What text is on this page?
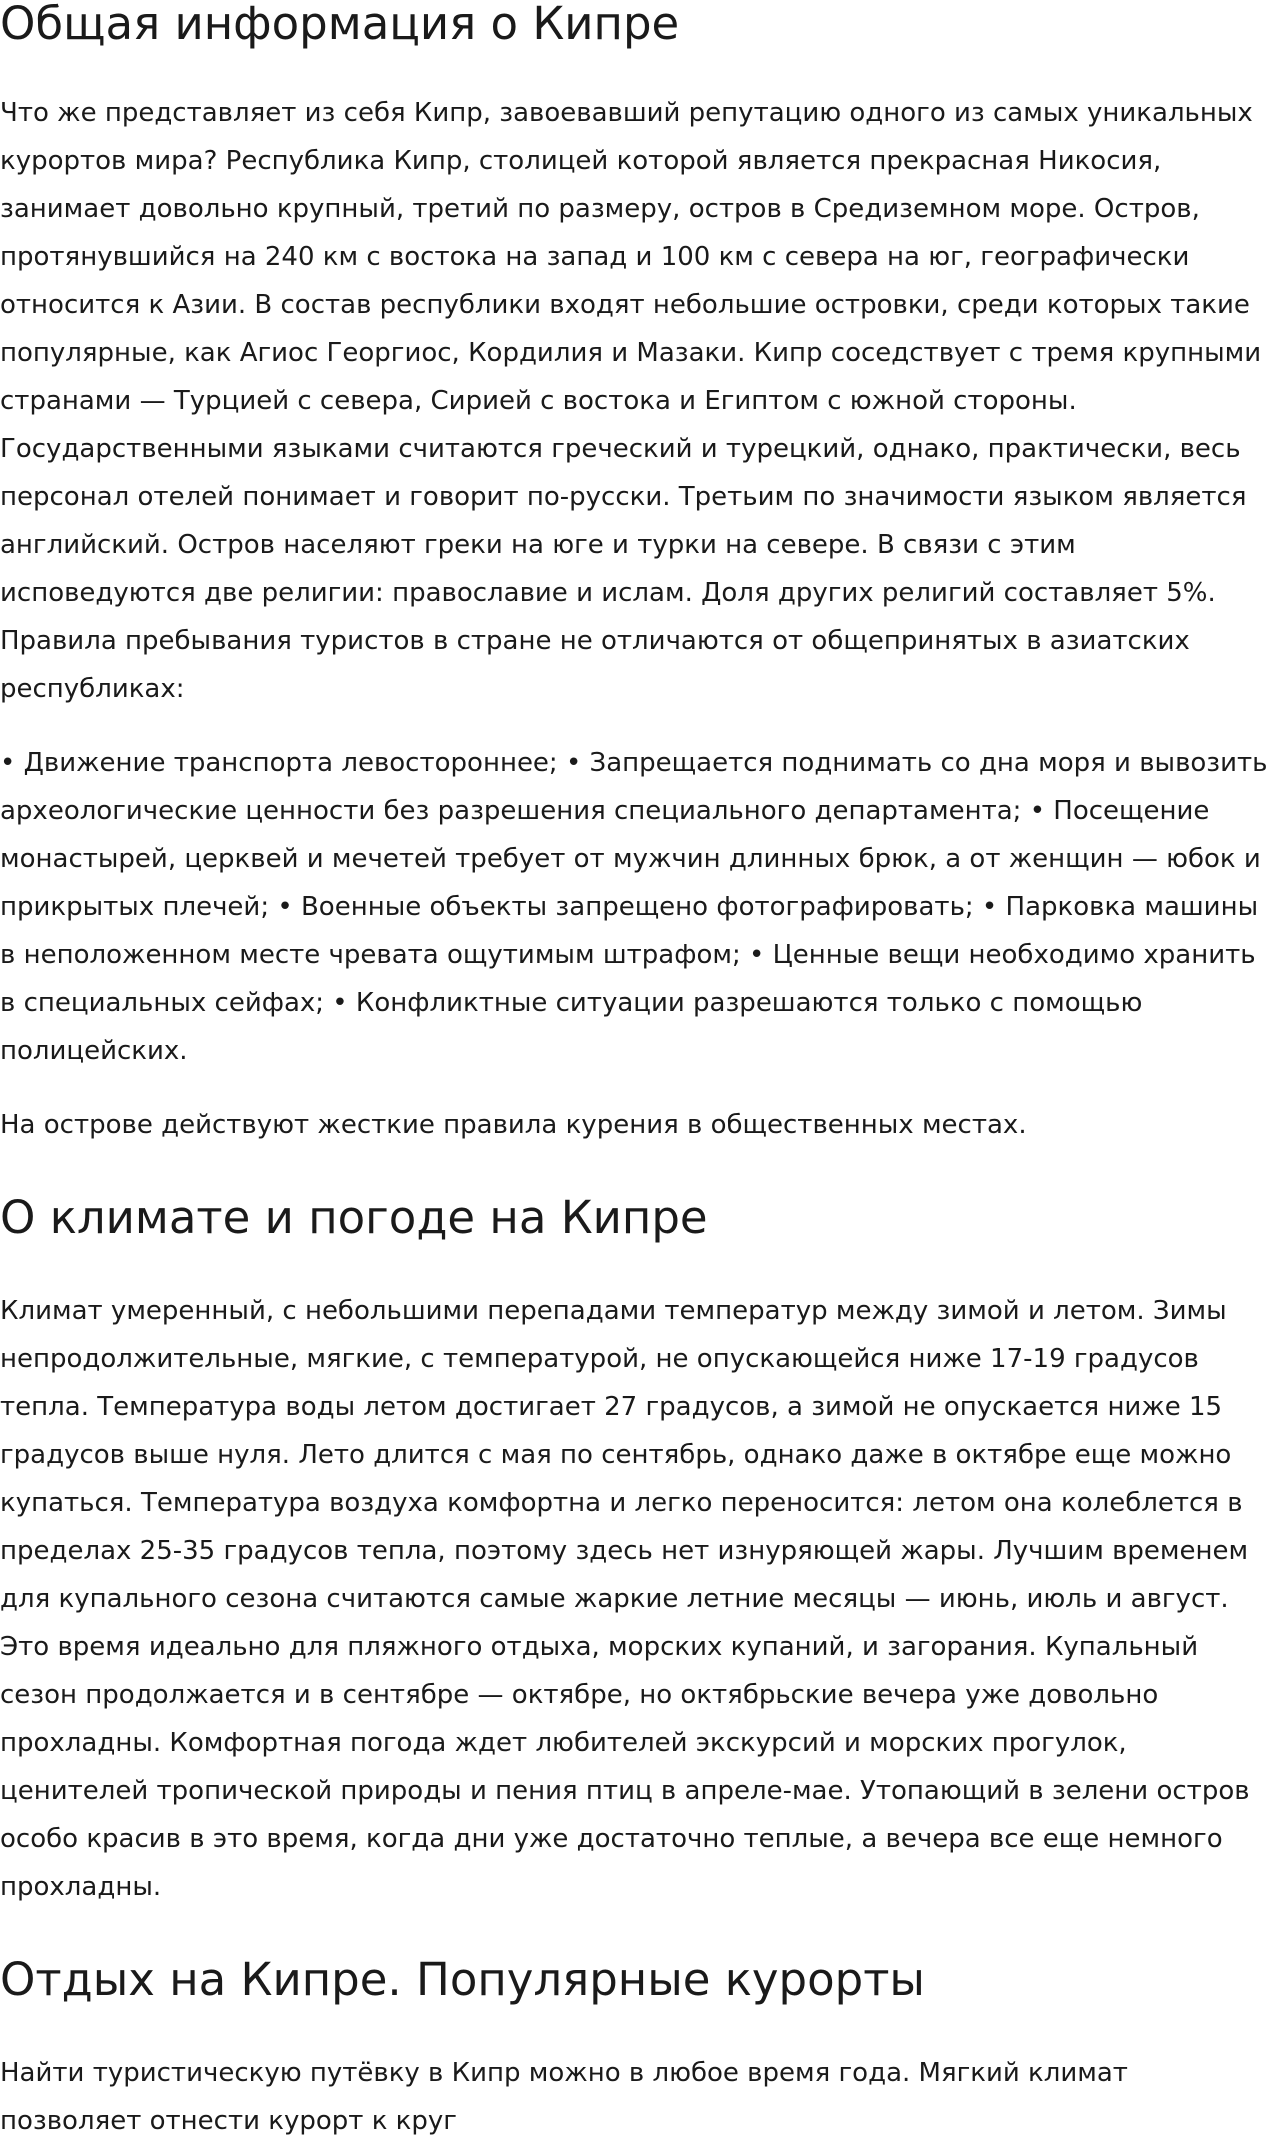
Общая информация о Кипре

Что же представляет из себя Кипр, завоевавший репутацию одного из самых уникальных курортов мира? Республика Кипр, столицей которой является прекрасная Никосия, занимает довольно крупный, третий по размеру, остров в Средиземном море. Остров, протянувшийся на 240 км с востока на запад и 100 км с севера на юг, географически относится к Азии. В состав республики входят небольшие островки, среди которых такие популярные, как Агиос Георгиос, Кордилия и Мазаки. Кипр соседствует с тремя крупными странами — Турцией с севера, Сирией с востока и Египтом с южной стороны. Государственными языками считаются греческий и турецкий, однако, практически, весь персонал отелей понимает и говорит по-русски. Третьим по значимости языком является английский. Остров населяют греки на юге и турки на севере. В связи с этим исповедуются две религии: православие и ислам. Доля других религий составляет 5%. Правила пребывания туристов в стране не отличаются от общепринятых в азиатских республиках:

• Движение транспорта левостороннее; • Запрещается поднимать со дна моря и вывозить археологические ценности без разрешения специального департамента; • Посещение монастырей, церквей и мечетей требует от мужчин длинных брюк, а от женщин — юбок и прикрытых плечей; • Военные объекты запрещено фотографировать; • Парковка машины в неположенном месте чревата ощутимым штрафом; • Ценные вещи необходимо хранить в специальных сейфах; • Конфликтные ситуации разрешаются только с помощью полицейских.

На острове действуют жесткие правила курения в общественных местах.

О климате и погоде на Кипре

Климат умеренный, с небольшими перепадами температур между зимой и летом. Зимы непродолжительные, мягкие, с температурой, не опускающейся ниже 17-19 градусов тепла. Температура воды летом достигает 27 градусов, а зимой не опускается ниже 15 градусов выше нуля. Лето длится с мая по сентябрь, однако даже в октябре еще можно купаться. Температура воздуха комфортна и легко переносится: летом она колеблется в пределах 25-35 градусов тепла, поэтому здесь нет изнуряющей жары. Лучшим временем для купального сезона считаются самые жаркие летние месяцы — июнь, июль и август. Это время идеально для пляжного отдыха, морских купаний, и загорания. Купальный сезон продолжается и в сентябре — октябре, но октябрьские вечера уже довольно прохладны. Комфортная погода ждет любителей экскурсий и морских прогулок, ценителей тропической природы и пения птиц в апреле-мае. Утопающий в зелени остров особо красив в это время, когда дни уже достаточно теплые, а вечера все еще немного прохладны.

Отдых на Кипре. Популярные курорты

Найти туристическую путёвку в Кипр можно в любое время года. Мягкий климат позволяет отнести курорт к круг
